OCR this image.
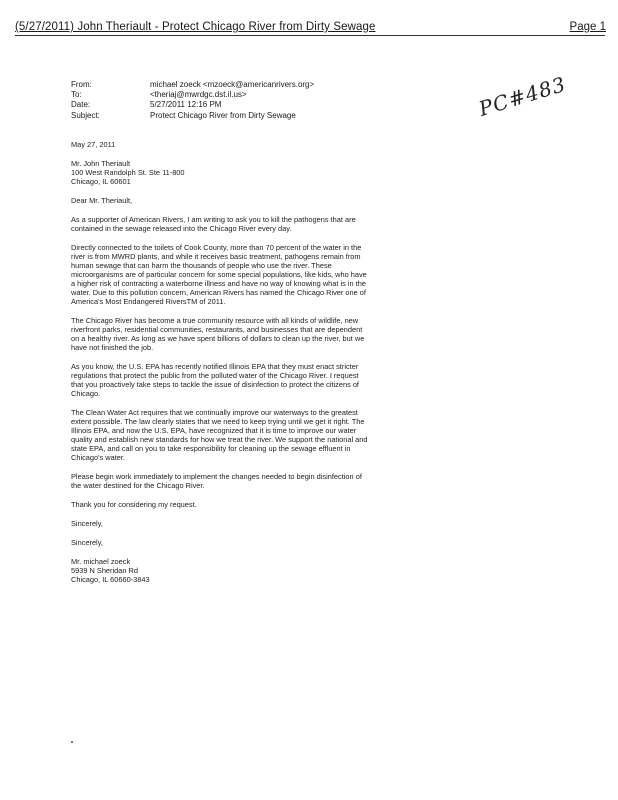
(5/27/2011) John Theriault - Protect Chicago River from Dirty Sewage	Page 1
From:	michael zoeck <mzoeck@americanrivers.org>
To:	<theriaj@mwrdgc.dst.il.us>
Date:	5/27/2011 12:16 PM
Subject:	Protect Chicago River from Dirty Sewage	PC#483

May 27, 2011

Mr. John Theriault
100 West Randolph St. Ste 11-800
Chicago, IL 60601

Dear Mr. Theriault,

As a supporter of American Rivers, I am writing to ask you to kill the pathogens that are contained in the sewage released into the Chicago River every day.

Directly connected to the toilets of Cook County, more than 70 percent of the water in the river is from MWRD plants, and while it receives basic treatment, pathogens remain from human sewage that can harm the thousands of people who use the river. These microorganisms are of particular concern for some special populations, like kids, who have a higher risk of contracting a waterborne illness and have no way of knowing what is in the water. Due to this pollution concern, American Rivers has named the Chicago River one of America's Most Endangered RiversTM of 2011.

The Chicago River has become a true community resource with all kinds of wildlife, new riverfront parks, residential communities, restaurants, and businesses that are dependent on a healthy river. As long as we have spent billions of dollars to clean up the river, but we have not finished the job.

As you know, the U.S. EPA has recently notified Illinois EPA that they must enact stricter regulations that protect the public from the polluted water of the Chicago River. I request that you proactively take steps to tackle the issue of disinfection to protect the citizens of Chicago.

The Clean Water Act requires that we continually improve our waterways to the greatest extent possible. The law clearly states that we need to keep trying until we get it right. The Illinois EPA, and now the U.S. EPA, have recognized that it is time to improve our water quality and establish new standards for how we treat the river. We support the national and state EPA, and call on you to take responsibility for cleaning up the sewage effluent in Chicago's water.

Please begin work immediately to implement the changes needed to begin disinfection of the water destined for the Chicago River.

Thank you for considering my request.

Sincerely,

Sincerely,

Mr. michael zoeck
5939 N Sheridan Rd
Chicago, IL 60660-3843
